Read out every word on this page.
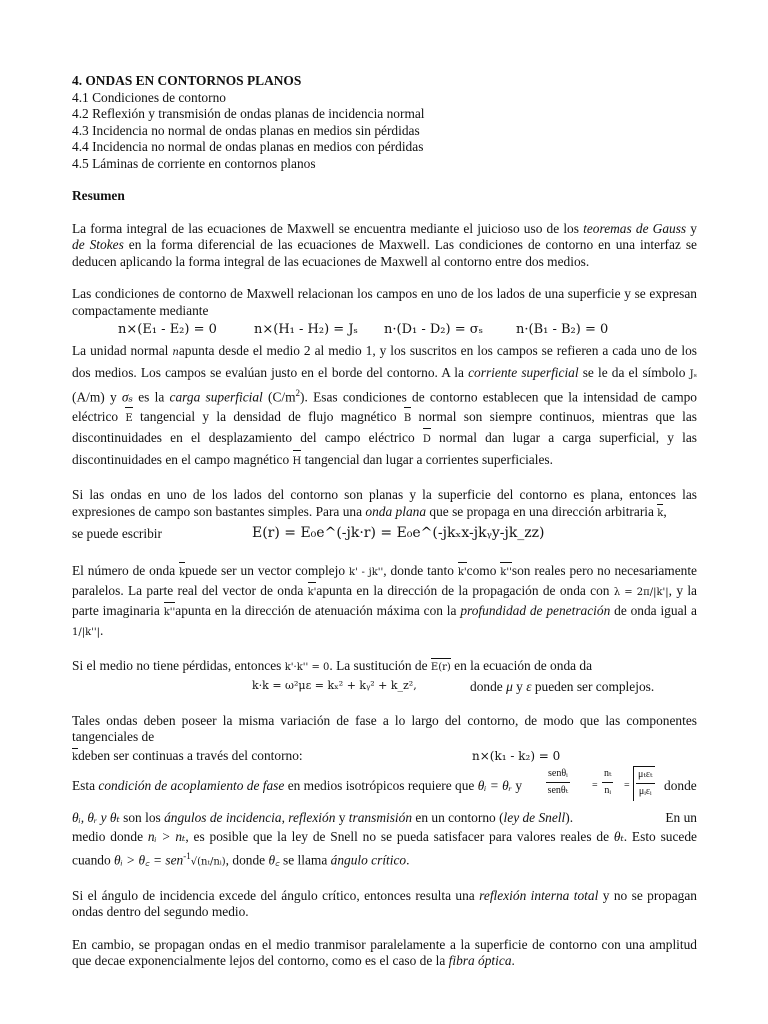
4. ONDAS EN CONTORNOS PLANOS
4.1 Condiciones de contorno
4.2 Reflexión y transmisión de ondas planas de incidencia normal
4.3 Incidencia no normal de ondas planas en medios sin pérdidas
4.4 Incidencia no normal de ondas planas en medios con pérdidas
4.5 Láminas de corriente en contornos planos
Resumen

La forma integral de las ecuaciones de Maxwell se encuentra mediante el juicioso uso de los teoremas de Gauss y de Stokes en la forma diferencial de las ecuaciones de Maxwell. Las condiciones de contorno en una interfaz se deducen aplicando la forma integral de las ecuaciones de Maxwell al contorno entre dos medios.

Las condiciones de contorno de Maxwell relacionan los campos en uno de los lados de una superficie y se expresan compactamente mediante

n×(E₁ - E₂) = 0	n×(H₁ - H₂) = Jₛ n·(D₁ - D₂) = σₛ	n·(B₁ - B₂) = 0

La unidad normal napunta desde el medio 2 al medio 1, y los suscritos en los campos se refieren a cada uno de los dos medios. Los campos se evalúan justo en el borde del contorno. A la corriente superficial se le da el símbolo Jₛ (A/m) y σₛ es la carga superficial $(C/m^2)$. Esas condiciones de contorno establecen que la intensidad de campo eléctrico E tangencial y la densidad de flujo magnético B normal son siempre continuos, mientras que las discontinuidades en el desplazamiento del campo eléctrico D normal dan lugar a carga superficial, y las discontinuidades en el campo magnético H tangencial dan lugar a corrientes superficiales.

Si las ondas en uno de los lados del contorno son planas y la superficie del contorno es plana, entonces las expresiones de campo son bastantes simples. Para una onda plana que se propaga en una dirección arbitraria k,

se puede escribir	E(r) = E₀e^(-jk·r) = E₀e^(-jkₓx-jkᵧy-jk_zz)

El número de onda kpuede ser un vector complejo k' - jk'', donde tanto k'como k''son reales pero no necesariamente paralelos. La parte real del vector de onda k'apunta en la dirección de la propagación de onda con λ = 2π/|k'|, y la parte imaginaria k''apunta en la dirección de atenuación máxima con la profundidad de penetración de onda igual a 1/|k''|.

Si el medio no tiene pérdidas, entonces k'·k'' = 0. La sustitución de E(r) en la ecuación de onda da

k·k = ω²με = kₓ² + kᵧ² + k_z²,	donde μ y ε pueden ser complejos.

Tales ondas deben poseer la misma variación de fase a lo largo del contorno, de modo que las componentes tangenciales de

kdeben ser continuas a través del contorno:	n×(k₁ - k₂) = 0
Esta condición de acoplamiento de fase en medios isotrópicos requiere que θᵢ = θᵣ y
senθᵢ
senθₜ =
nₜ
nᵢ =
μₜεₜ
μᵢεᵢ donde

θᵢ, θᵣ y θₜ son los ángulos de incidencia, reflexión y transmisión en un contorno (ley de Snell).	En un

medio donde nᵢ > nₜ, es posible que la ley de Snell no se pueda satisfacer para valores reales de θₜ. Esto sucede cuando θᵢ > θ꜀ = sen$^{-1}$√(nₜ/nᵢ), donde θ꜀ se llama ángulo crítico.

Si el ángulo de incidencia excede del ángulo crítico, entonces resulta una reflexión interna total y no se propagan ondas dentro del segundo medio.

En cambio, se propagan ondas en el medio tranmisor paralelamente a la superficie de contorno con una amplitud que decae exponencialmente lejos del contorno, como es el caso de la fibra óptica.
